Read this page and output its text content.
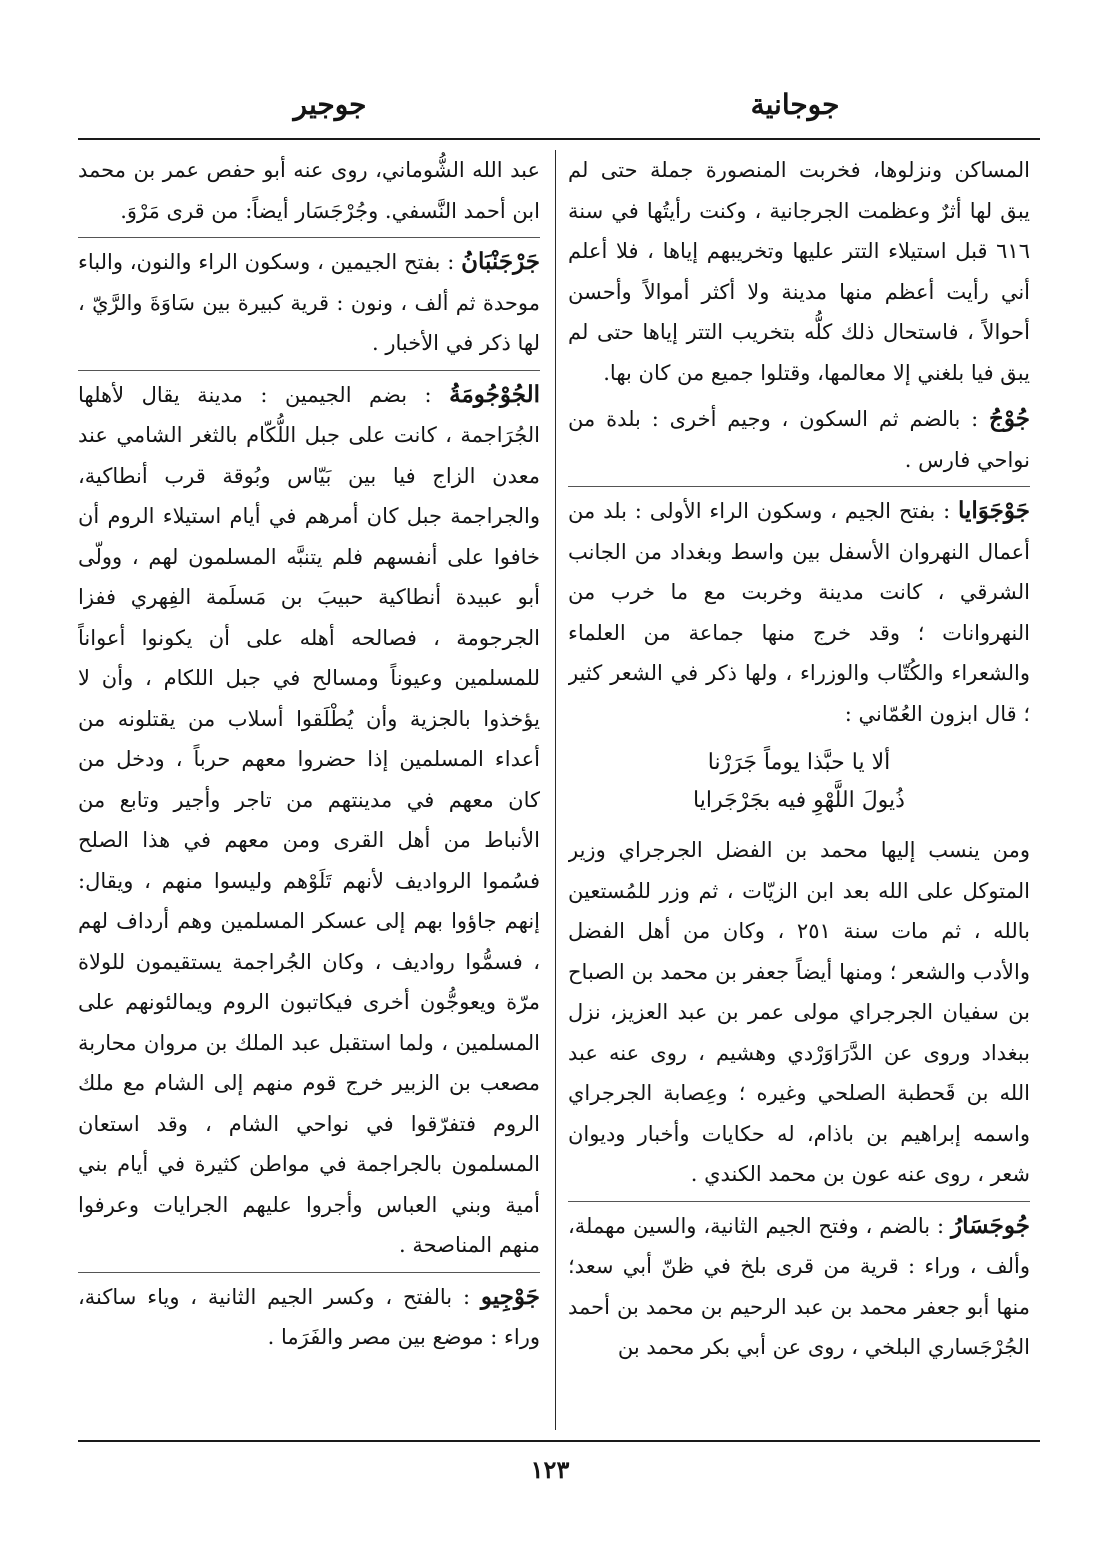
جوجانية
جوجير

المساكن ونزلوها، فخربت المنصورة جملة حتى لم يبق لها أثرٌ وعظمت الجرجانية ، وكنت رأيتُها في سنة ٦١٦ قبل استيلاء التتر عليها وتخريبهم إياها ، فلا أعلم أني رأيت أعظم منها مدينة ولا أكثر أموالاً وأحسن أحوالاً ، فاستحال ذلك كلُّه بتخريب التتر إياها حتى لم يبق فيا بلغني إلا معالمها، وقتلوا جميع من كان بها.

جُوْجُ : بالضم ثم السكون ، وجيم أخرى : بلدة من نواحي فارس .

جَوْجَوَايا : بفتح الجيم ، وسكون الراء الأولى : بلد من أعمال النهروان الأسفل بين واسط وبغداد من الجانب الشرقي ، كانت مدينة وخربت مع ما خرب من النهروانات ؛ وقد خرج منها جماعة من العلماء والشعراء والكُتّاب والوزراء ، ولها ذكر في الشعر كثير ؛ قال ابزون العُمّاني :

ألا يا حبَّذا يوماً جَرَرْنا
ذُيولَ اللَّهْوِ فيه بجَرْجَرايا

ومن ينسب إليها محمد بن الفضل الجرجراي وزير المتوكل على الله بعد ابن الزيّات ، ثم وزر للمُستعين بالله ، ثم مات سنة ٢٥١ ، وكان من أهل الفضل والأدب والشعر ؛ ومنها أيضاً جعفر بن محمد بن الصباح بن سفيان الجرجراي مولى عمر بن عبد العزيز، نزل ببغداد وروى عن الدَّرَاوَرْدي وهشيم ، روى عنه عبد الله بن قَحطبة الصلحي وغيره ؛ وعِصابة الجرجراي واسمه إبراهيم بن باذام، له حكايات وأخبار وديوان شعر ، روى عنه عون بن محمد الكندي .

جُوجَسَارُ : بالضم ، وفتح الجيم الثانية، والسين مهملة، وألف ، وراء : قرية من قرى بلخ في ظنّ أبي سعد؛ منها أبو جعفر محمد بن عبد الرحيم بن محمد بن أحمد الجُرْجَساري البلخي ، روى عن أبي بكر محمد بن

عبد الله الشُّوماني، روى عنه أبو حفص عمر بن محمد ابن أحمد النَّسفي. وجُرْجَسَار أيضاً: من قرى مَرْوَ.

جَرْجَنْبَانُ : بفتح الجيمين ، وسكون الراء والنون، والباء موحدة ثم ألف ، ونون : قرية كبيرة بين سَاوَةَ والرَّيّ ، لها ذكر في الأخبار .

الجُوْجُومَةُ : بضم الجيمين : مدينة يقال لأهلها الجُرَاجمة ، كانت على جبل اللُّكّام بالثغر الشامي عند معدن الزاج فيا بين بَيّاس وبُوقة قرب أنطاكية، والجراجمة جبل كان أمرهم في أيام استيلاء الروم أن خافوا على أنفسهم فلم يتنبَّه المسلمون لهم ، وولّى أبو عبيدة أنطاكية حبيبَ بن مَسلَمة الفِهري ففزا الجرجومة ، فصالحه أهله على أن يكونوا أعواناً للمسلمين وعيوناً ومسالح في جبل اللكام ، وأن لا يؤخذوا بالجزية وأن يُطْلَقوا أسلاب من يقتلونه من أعداء المسلمين إذا حضروا معهم حرباً ، ودخل من كان معهم في مدينتهم من تاجر وأجير وتابع من الأنباط من أهل القرى ومن معهم في هذا الصلح فسُموا الرواديف لأنهم تَلَوْهم وليسوا منهم ، ويقال: إنهم جاؤوا بهم إلى عسكر المسلمين وهم أرداف لهم ، فسمُّوا رواديف ، وكان الجُراجمة يستقيمون للولاة مرّة ويعوجُّون أخرى فيكاتبون الروم ويمالئونهم على المسلمين ، ولما استقبل عبد الملك بن مروان محاربة مصعب بن الزبير خرج قوم منهم إلى الشام مع ملك الروم فتفرّقوا في نواحي الشام ، وقد استعان المسلمون بالجراجمة في مواطن كثيرة في أيام بني أمية وبني العباس وأجروا عليهم الجرايات وعرفوا منهم المناصحة .

جَوْجِيو : بالفتح ، وكسر الجيم الثانية ، وياء ساكنة، وراء : موضع بين مصر والفَرَما .

١٢٣
